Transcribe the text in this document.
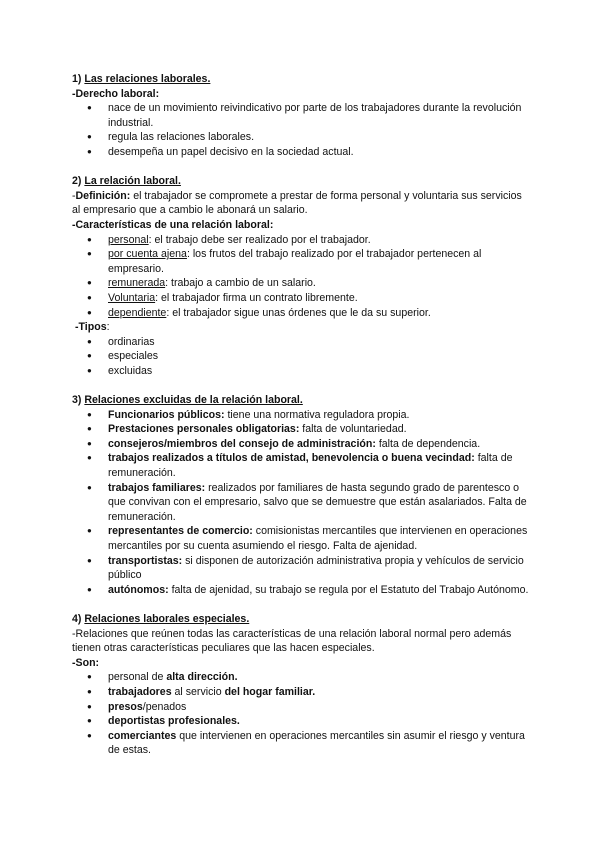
1) Las relaciones laborales.

-Derecho laboral:

● nace de un movimiento reivindicativo por parte de los trabajadores durante la revolución industrial.
● regula las relaciones laborales.
● desempeña un papel decisivo en la sociedad actual.

2) La relación laboral.

-Definición: el trabajador se compromete a prestar de forma personal y voluntaria sus servicios al empresario que a cambio le abonará un salario.

-Características de una relación laboral:

● personal: el trabajo debe ser realizado por el trabajador.
● por cuenta ajena: los frutos del trabajo realizado por el trabajador pertenecen al empresario.
● remunerada: trabajo a cambio de un salario.
● Voluntaria: el trabajador firma un contrato libremente.
● dependiente: el trabajador sigue unas órdenes que le da su superior.

-Tipos:

● ordinarias
● especiales
● excluidas

3) Relaciones excluidas de la relación laboral.

● Funcionarios públicos: tiene una normativa reguladora propia.
● Prestaciones personales obligatorias: falta de voluntariedad.
● consejeros/miembros del consejo de administración: falta de dependencia.
● trabajos realizados a títulos de amistad, benevolencia o buena vecindad: falta de remuneración.
● trabajos familiares: realizados por familiares de hasta segundo grado de parentesco o que convivan con el empresario, salvo que se demuestre que están asalariados. Falta de remuneración.
● representantes de comercio: comisionistas mercantiles que intervienen en operaciones mercantiles por su cuenta asumiendo el riesgo. Falta de ajenidad.
● transportistas: si disponen de autorización administrativa propia y vehículos de servicio público
● autónomos: falta de ajenidad, su trabajo se regula por el Estatuto del Trabajo Autónomo.

4) Relaciones laborales especiales.

-Relaciones que reúnen todas las características de una relación laboral normal pero además tienen otras características peculiares que las hacen especiales.

-Son:

● personal de alta dirección.
● trabajadores al servicio del hogar familiar.
● presos/penados
● deportistas profesionales.
● comerciantes que intervienen en operaciones mercantiles sin asumir el riesgo y ventura de estas.
